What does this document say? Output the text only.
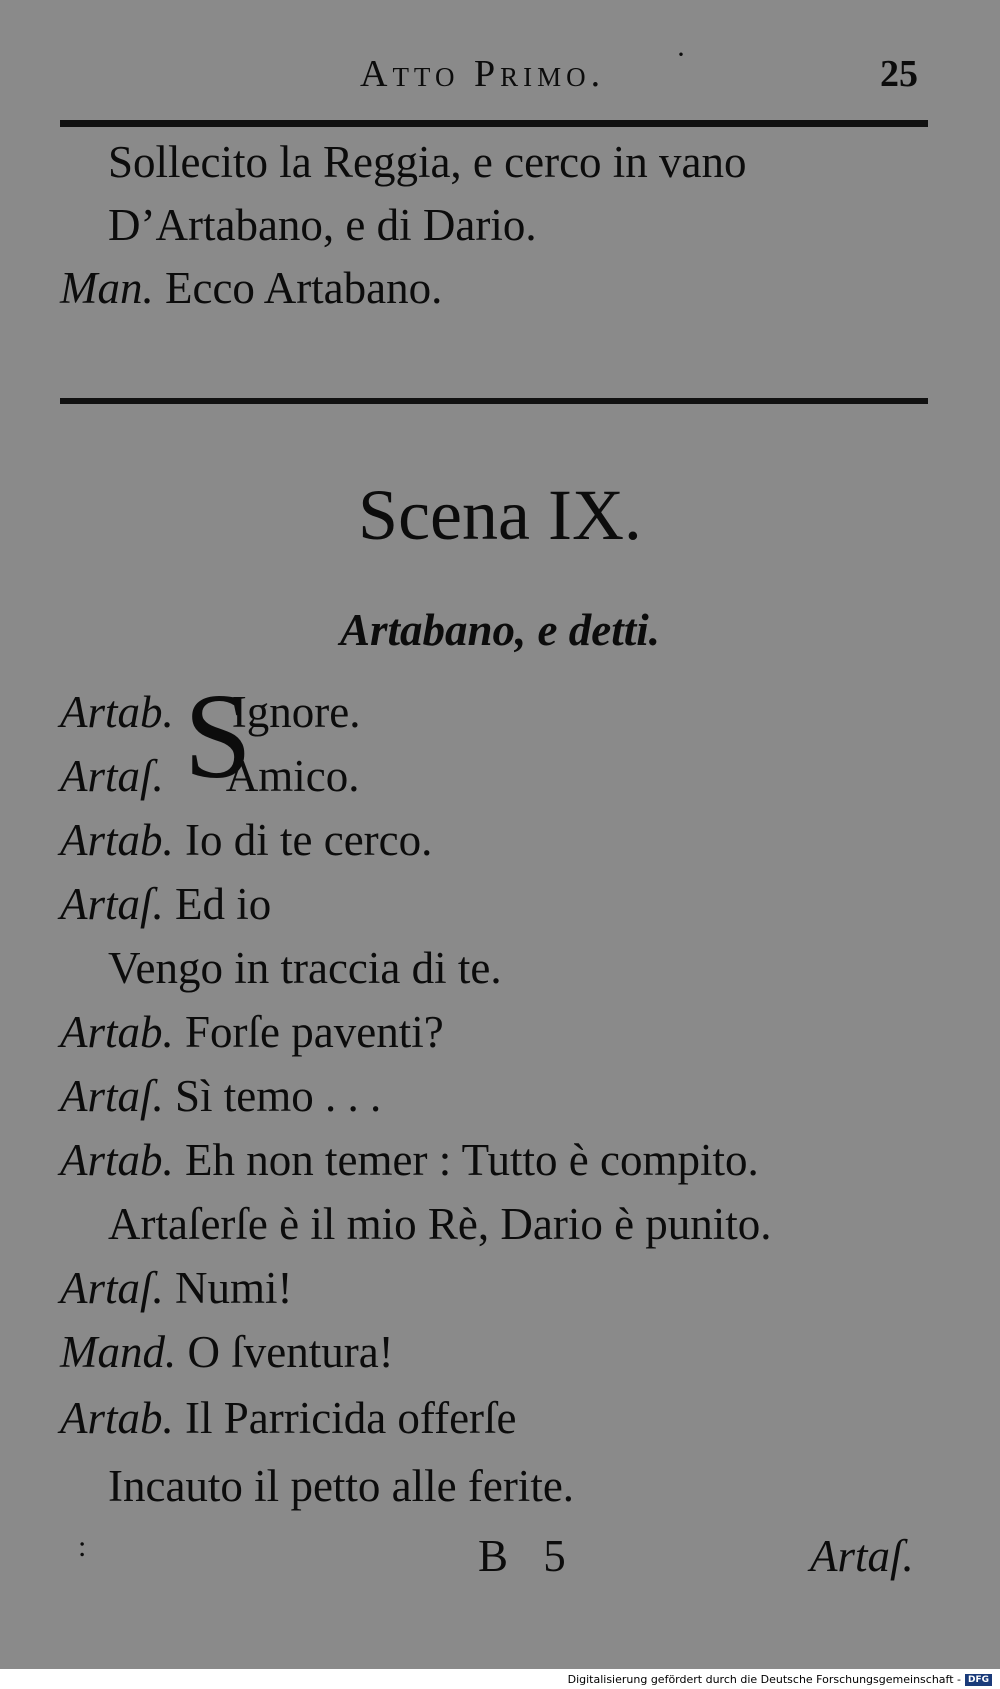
Atto Primo. ·	25
Sollecito la Reggia, e cerco in vano
D’Artabano, e di Dario.
Man. Ecco Artabano.
Scena IX.
Artabano, e detti.
S
Artab. Ignore.
Artaſ. Amico.
Artab. Io di te cerco.
Artaſ. Ed io
Vengo in traccia di te.
Artab. Forſe paventi?
Artaſ. Sì temo . . .
Artab. Eh non temer : Tutto è compito.
Artaſerſe è il mio Rè, Dario è punito.
Artaſ. Numi!
Mand. O ſventura!
Artab. Il Parricida offerſe
Incauto il petto alle ferite.
:	B 5	Artaſ.
Digitalisierung gefördert durch die Deutsche Forschungsgemeinschaft - DFG
